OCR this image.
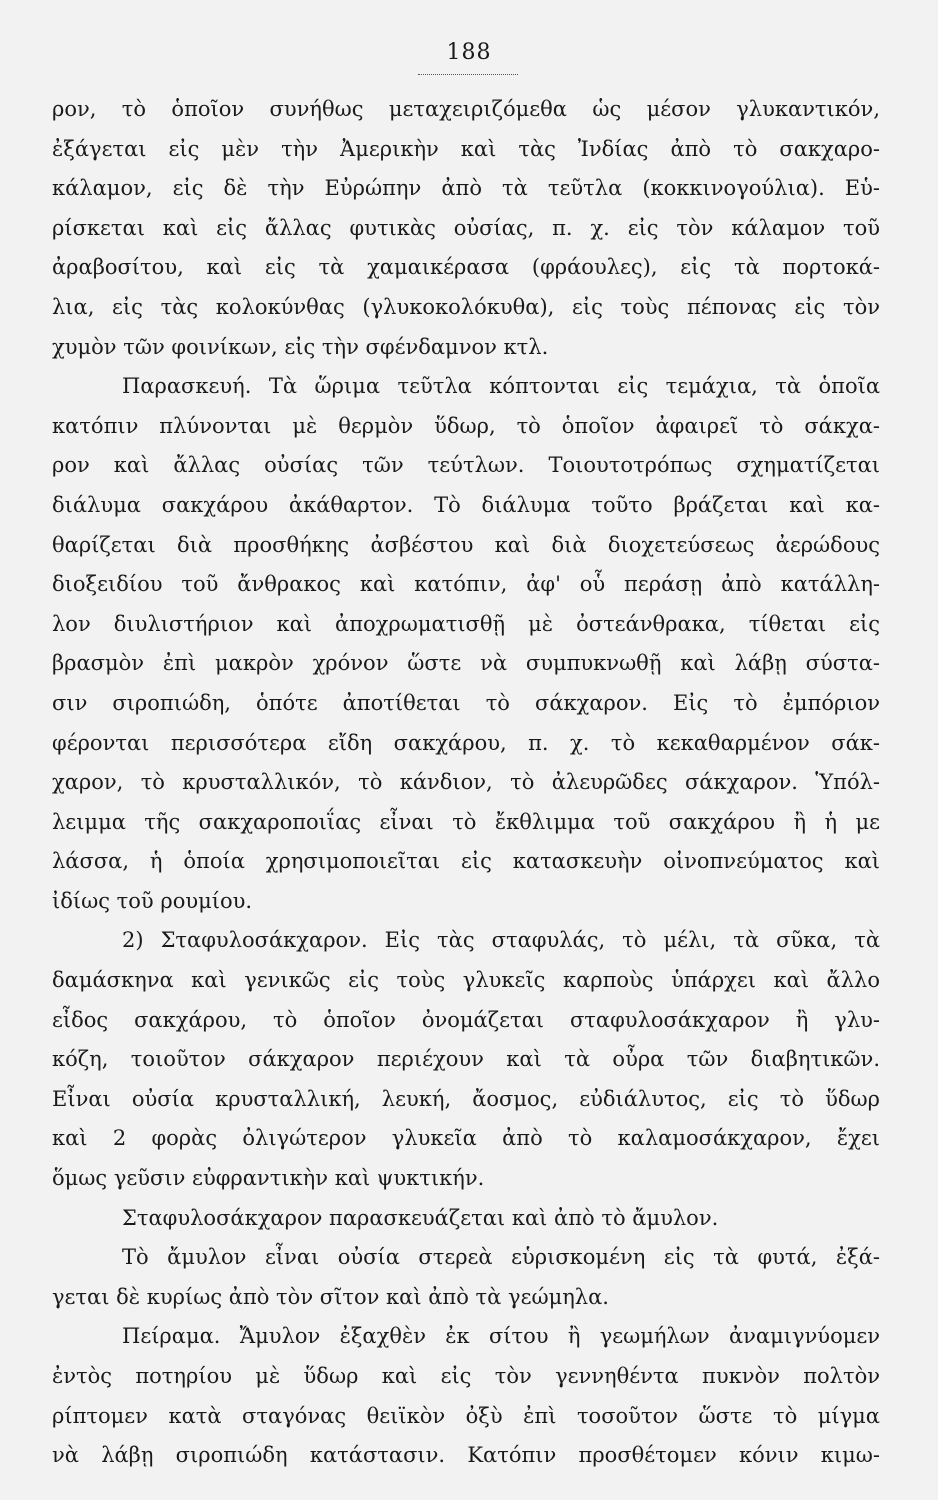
188
ρον, τὸ ὁποῖον συνήθως μεταχειριζόμεθα ὡς μέσον γλυκαντικόν,
ἐξάγεται εἰς μὲν τὴν Ἀμερικὴν καὶ τὰς Ἰνδίας ἀπὸ τὸ σακχαρο-
κάλαμον, εἰς δὲ τὴν Εὐρώπην ἀπὸ τὰ τεῦτλα (κοκκινογούλια). Εὑ-
ρίσκεται καὶ εἰς ἄλλας φυτικὰς οὐσίας, π. χ. εἰς τὸν κάλαμον τοῦ
ἀραβοσίτου, καὶ εἰς τὰ χαμαικέρασα (φράουλες), εἰς τὰ πορτοκά-
λια, εἰς τὰς κολοκύνθας (γλυκοκολόκυθα), εἰς τοὺς πέπονας εἰς τὸν
χυμὸν τῶν φοινίκων, εἰς τὴν σφένδαμνον κτλ.
Παρασκευή. Τὰ ὥριμα τεῦτλα κόπτονται εἰς τεμάχια, τὰ ὁποῖα
κατόπιν πλύνονται μὲ θερμὸν ὕδωρ, τὸ ὁποῖον ἀφαιρεῖ τὸ σάκχα-
ρον καὶ ἄλλας οὐσίας τῶν τεύτλων. Τοιουτοτρόπως σχηματίζεται
διάλυμα σακχάρου ἀκάθαρτον. Τὸ διάλυμα τοῦτο βράζεται καὶ κα-
θαρίζεται διὰ προσθήκης ἀσβέστου καὶ διὰ διοχετεύσεως ἀερώδους
διοξειδίου τοῦ ἄνθρακος καὶ κατόπιν, ἀφ' οὗ περάσῃ ἀπὸ κατάλλη-
λον διυλιστήριον καὶ ἀποχρωματισθῇ μὲ ὀστεάνθρακα, τίθεται εἰς
βρασμὸν ἐπὶ μακρὸν χρόνον ὥστε νὰ συμπυκνωθῇ καὶ λάβῃ σύστα-
σιν σιροπιώδη, ὁπότε ἀποτίθεται τὸ σάκχαρον. Εἰς τὸ ἐμπόριον
φέρονται περισσότερα εἴδη σακχάρου, π. χ. τὸ κεκαθαρμένον σάκ-
χαρον, τὸ κρυσταλλικόν, τὸ κάνδιον, τὸ ἀλευρῶδες σάκχαρον. Ὑπόλ-
λειμμα τῆς σακχαροποιΐας εἶναι τὸ ἔκθλιμμα τοῦ σακχάρου ἢ ἡ με
λάσσα, ἡ ὁποία χρησιμοποιεῖται εἰς κατασκευὴν οἰνοπνεύματος καὶ
ἰδίως τοῦ ρουμίου.
2) Σταφυλοσάκχαρον. Εἰς τὰς σταφυλάς, τὸ μέλι, τὰ σῦκα, τὰ
δαμάσκηνα καὶ γενικῶς εἰς τοὺς γλυκεῖς καρποὺς ὑπάρχει καὶ ἄλλο
εἶδος σακχάρου, τὸ ὁποῖον ὀνομάζεται σταφυλοσάκχαρον ἢ γλυ-
κόζη, τοιοῦτον σάκχαρον περιέχουν καὶ τὰ οὖρα τῶν διαβητικῶν.
Εἶναι οὐσία κρυσταλλική, λευκή, ἄοσμος, εὐδιάλυτος, εἰς τὸ ὕδωρ
καὶ 2 φορὰς ὀλιγώτερον γλυκεῖα ἀπὸ τὸ καλαμοσάκχαρον, ἔχει
ὅμως γεῦσιν εὐφραντικὴν καὶ ψυκτικήν.
Σταφυλοσάκχαρον παρασκευάζεται καὶ ἀπὸ τὸ ἄμυλον.
Τὸ ἄμυλον εἶναι οὐσία στερεὰ εὑρισκομένη εἰς τὰ φυτά, ἐξά-
γεται δὲ κυρίως ἀπὸ τὸν σῖτον καὶ ἀπὸ τὰ γεώμηλα.
Πείραμα. Ἄμυλον ἐξαχθὲν ἐκ σίτου ἢ γεωμήλων ἀναμιγνύομεν
ἐντὸς ποτηρίου μὲ ὕδωρ καὶ εἰς τὸν γεννηθέντα πυκνὸν πολτὸν
ρίπτομεν κατὰ σταγόνας θειϊκὸν ὀξὺ ἐπὶ τοσοῦτον ὥστε τὸ μίγμα
νὰ λάβῃ σιροπιώδη κατάστασιν. Κατόπιν προσθέτομεν κόνιν κιμω-
